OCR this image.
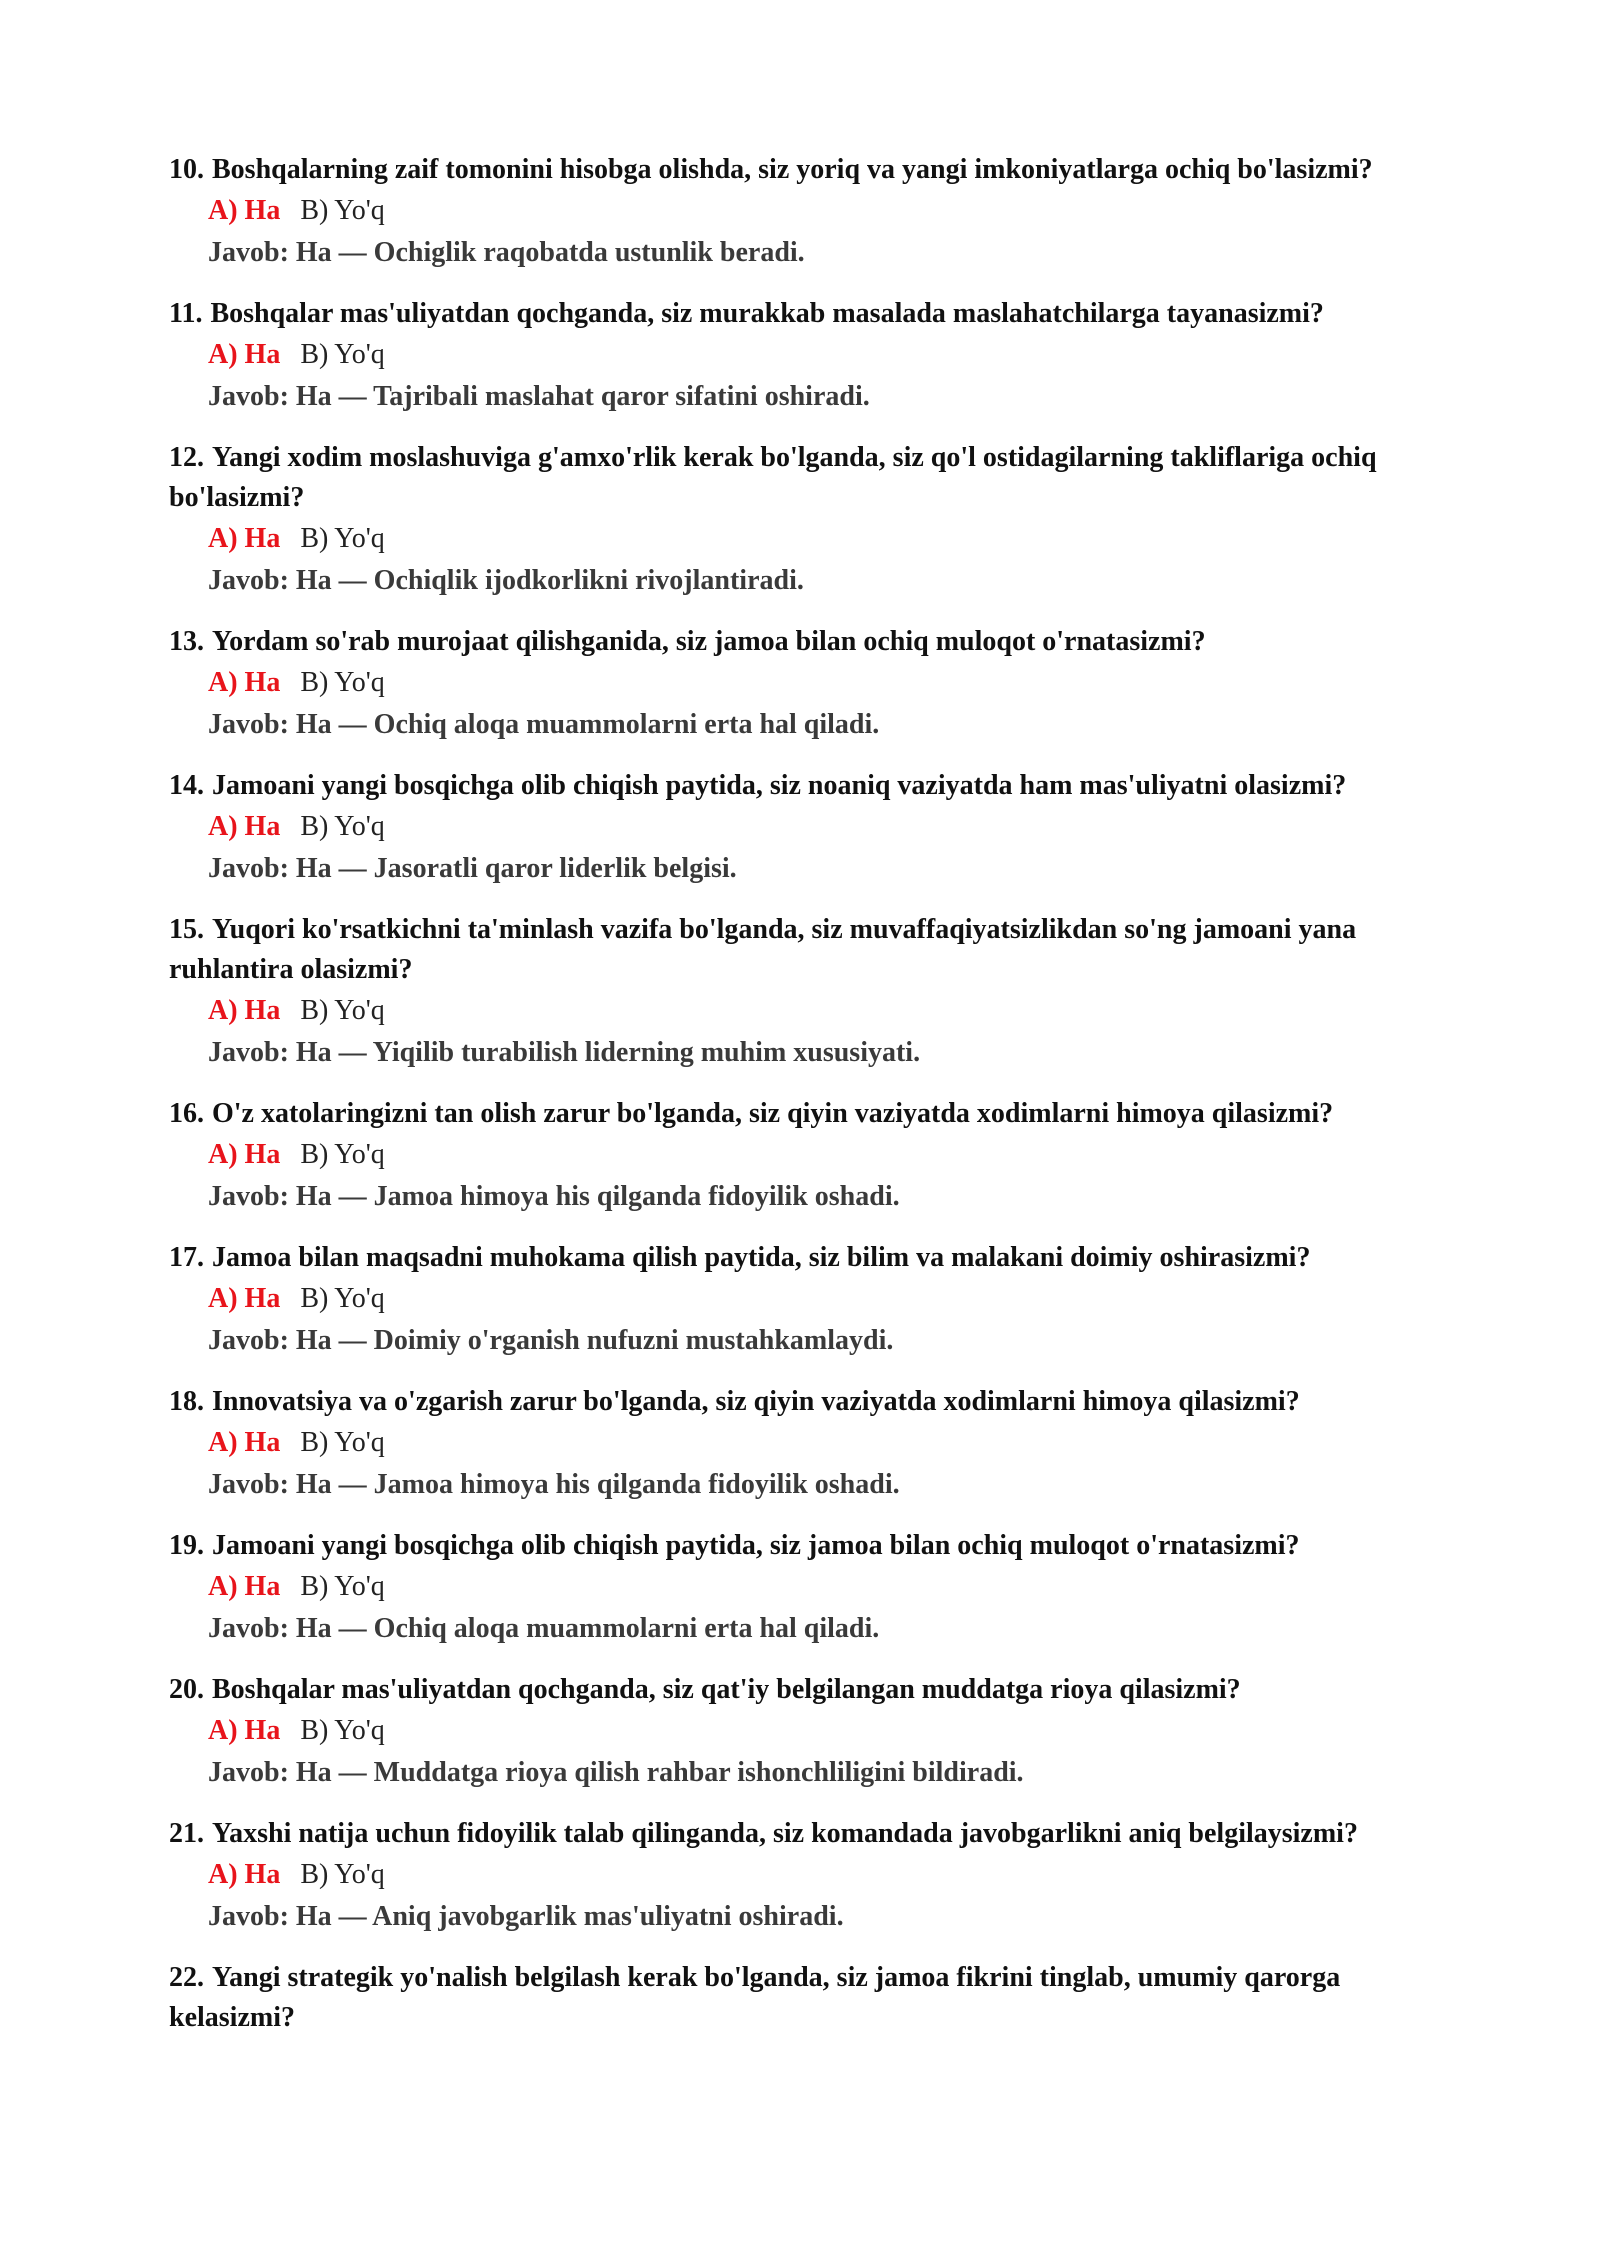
10. Boshqalarning zaif tomonini hisobga olishda, siz yoriq va yangi imkoniyatlarga ochiq bo'lasizmi?
A) Ha B) Yo'q
Javob: Ha — Ochiglik raqobatda ustunlik beradi.
11. Boshqalar mas'uliyatdan qochganda, siz murakkab masalada maslahatchilarga tayanasizmi?
A) Ha B) Yo'q
Javob: Ha — Tajribali maslahat qaror sifatini oshiradi.
12. Yangi xodim moslashuviga g'amxo'rlik kerak bo'lganda, siz qo'l ostidagilarning takliflariga ochiq bo'lasizmi?
A) Ha B) Yo'q
Javob: Ha — Ochiqlik ijodkorlikni rivojlantiradi.
13. Yordam so'rab murojaat qilishganida, siz jamoa bilan ochiq muloqot o'rnatasizmi?
A) Ha B) Yo'q
Javob: Ha — Ochiq aloqa muammolarni erta hal qiladi.
14. Jamoani yangi bosqichga olib chiqish paytida, siz noaniq vaziyatda ham mas'uliyatni olasizmi?
A) Ha B) Yo'q
Javob: Ha — Jasoratli qaror liderlik belgisi.
15. Yuqori ko'rsatkichni ta'minlash vazifa bo'lganda, siz muvaffaqiyatsizlikdan so'ng jamoani yana ruhlantira olasizmi?
A) Ha B) Yo'q
Javob: Ha — Yiqilib turabilish liderning muhim xususiyati.
16. O'z xatolaringizni tan olish zarur bo'lganda, siz qiyin vaziyatda xodimlarni himoya qilasizmi?
A) Ha B) Yo'q
Javob: Ha — Jamoa himoya his qilganda fidoyilik oshadi.
17. Jamoa bilan maqsadni muhokama qilish paytida, siz bilim va malakani doimiy oshirasizmi?
A) Ha B) Yo'q
Javob: Ha — Doimiy o'rganish nufuzni mustahkamlaydi.
18. Innovatsiya va o'zgarish zarur bo'lganda, siz qiyin vaziyatda xodimlarni himoya qilasizmi?
A) Ha B) Yo'q
Javob: Ha — Jamoa himoya his qilganda fidoyilik oshadi.
19. Jamoani yangi bosqichga olib chiqish paytida, siz jamoa bilan ochiq muloqot o'rnatasizmi?
A) Ha B) Yo'q
Javob: Ha — Ochiq aloqa muammolarni erta hal qiladi.
20. Boshqalar mas'uliyatdan qochganda, siz qat'iy belgilangan muddatga rioya qilasizmi?
A) Ha B) Yo'q
Javob: Ha — Muddatga rioya qilish rahbar ishonchliligini bildiradi.
21. Yaxshi natija uchun fidoyilik talab qilinganda, siz komandada javobgarlikni aniq belgilaysizmi?
A) Ha B) Yo'q
Javob: Ha — Aniq javobgarlik mas'uliyatni oshiradi.
22. Yangi strategik yo'nalish belgilash kerak bo'lganda, siz jamoa fikrini tinglab, umumiy qarorga kelasizmi?
